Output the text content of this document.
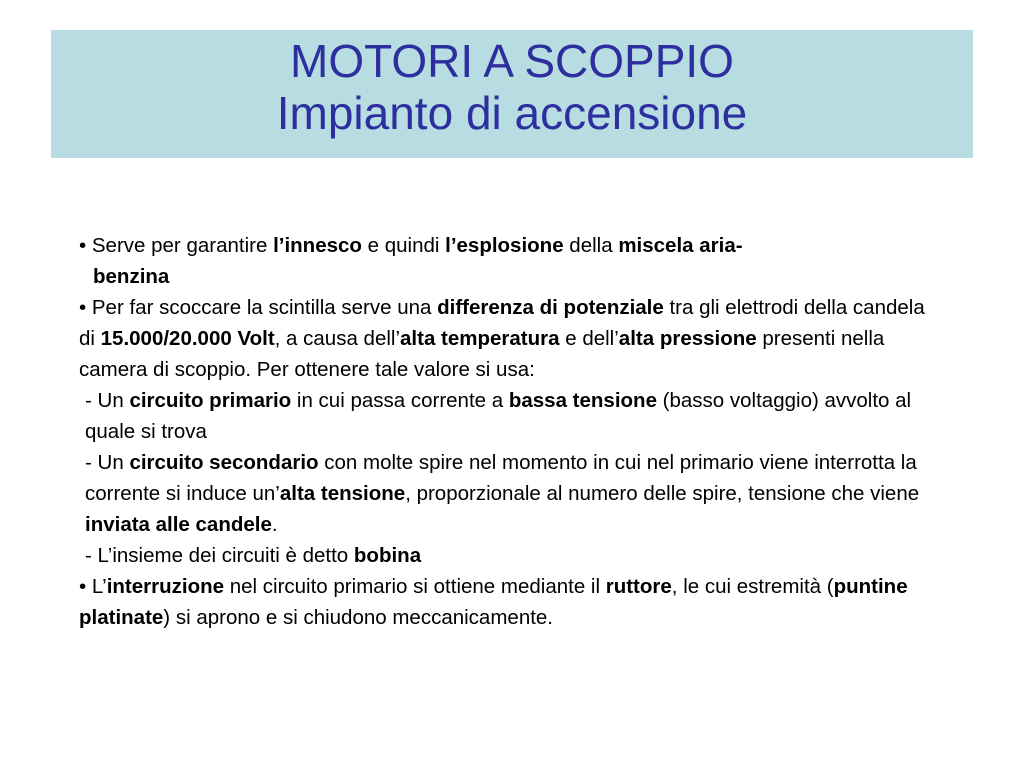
MOTORI A SCOPPIO
Impianto di accensione

• Serve per garantire l’innesco e quindi l’esplosione della miscela aria-

benzina

• Per far scoccare la scintilla serve una differenza di potenziale tra gli elettrodi della candela di 15.000/20.000 Volt, a causa dell’alta temperatura e dell’alta pressione presenti nella camera di scoppio. Per ottenere tale valore si usa:

- Un circuito primario in cui passa corrente a bassa tensione (basso voltaggio) avvolto al quale si trova

- Un circuito secondario con molte spire nel momento in cui nel primario viene interrotta la corrente si induce un’alta tensione, proporzionale al numero delle spire, tensione che viene inviata alle candele.

- L’insieme dei circuiti è detto bobina

• L’interruzione nel circuito primario si ottiene mediante il ruttore, le cui estremità (puntine platinate) si aprono e si chiudono meccanicamente.
